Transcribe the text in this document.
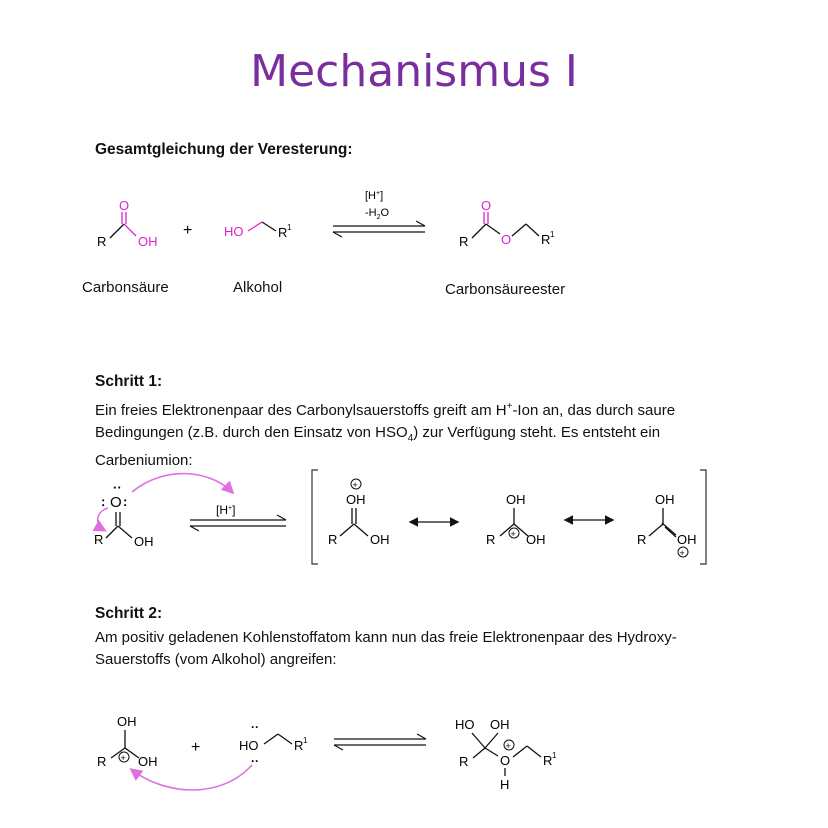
Mechanismus I
Gesamtgleichung der Veresterung:
O
R OH
+ HO	R 1
[H+]
$-H_2O$	O
R	O R 1
O
··
: :
R OH
[H+]
+
OH
R	OH
OH
+
R OH
OH
R OH
+
OH
+
R OH
+
··
HO
··
R 1
HO OH
R
+
O
H
R 1
Carbonsäure	Alkohol	Carbonsäureester
Schritt 1:
Ein freies Elektronenpaar des Carbonylsauerstoffs greift am H+-Ion an, das durch saure
Bedingungen (z.B. durch den Einsatz von $HSO_4$) zur Verfügung steht. Es entsteht ein
Carbeniumion:
Schritt 2:
Am positiv geladenen Kohlenstoffatom kann nun das freie Elektronenpaar des Hydroxy-
Sauerstoffs (vom Alkohol) angreifen:
